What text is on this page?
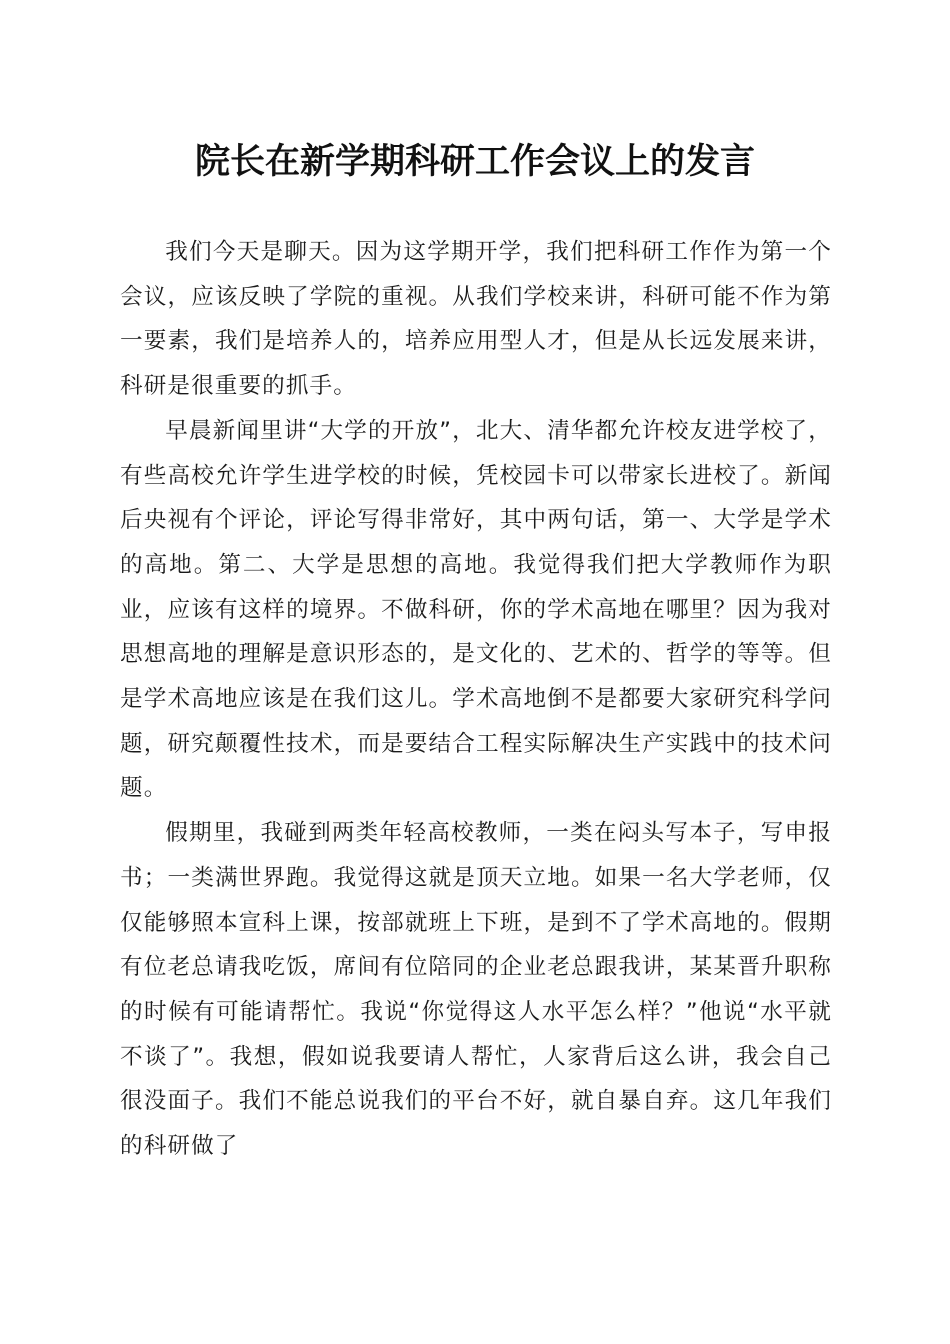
院长在新学期科研工作会议上的发言

我们今天是聊天。因为这学期开学，我们把科研工作作为第一个会议，应该反映了学院的重视。从我们学校来讲，科研可能不作为第一要素，我们是培养人的，培养应用型人才，但是从长远发展来讲，科研是很重要的抓手。

早晨新闻里讲“大学的开放”，北大、清华都允许校友进学校了，有些高校允许学生进学校的时候，凭校园卡可以带家长进校了。新闻后央视有个评论，评论写得非常好，其中两句话，第一、大学是学术的高地。第二、大学是思想的高地。我觉得我们把大学教师作为职业，应该有这样的境界。不做科研，你的学术高地在哪里？因为我对思想高地的理解是意识形态的，是文化的、艺术的、哲学的等等。但是学术高地应该是在我们这儿。学术高地倒不是都要大家研究科学问题，研究颠覆性技术，而是要结合工程实际解决生产实践中的技术问题。

假期里，我碰到两类年轻高校教师，一类在闷头写本子，写申报书；一类满世界跑。我觉得这就是顶天立地。如果一名大学老师，仅仅能够照本宣科上课，按部就班上下班，是到不了学术高地的。假期有位老总请我吃饭，席间有位陪同的企业老总跟我讲，某某晋升职称的时候有可能请帮忙。我说“你觉得这人水平怎么样？”他说“水平就不谈了”。我想，假如说我要请人帮忙，人家背后这么讲，我会自己很没面子。我们不能总说我们的平台不好，就自暴自弃。这几年我们的科研做了
